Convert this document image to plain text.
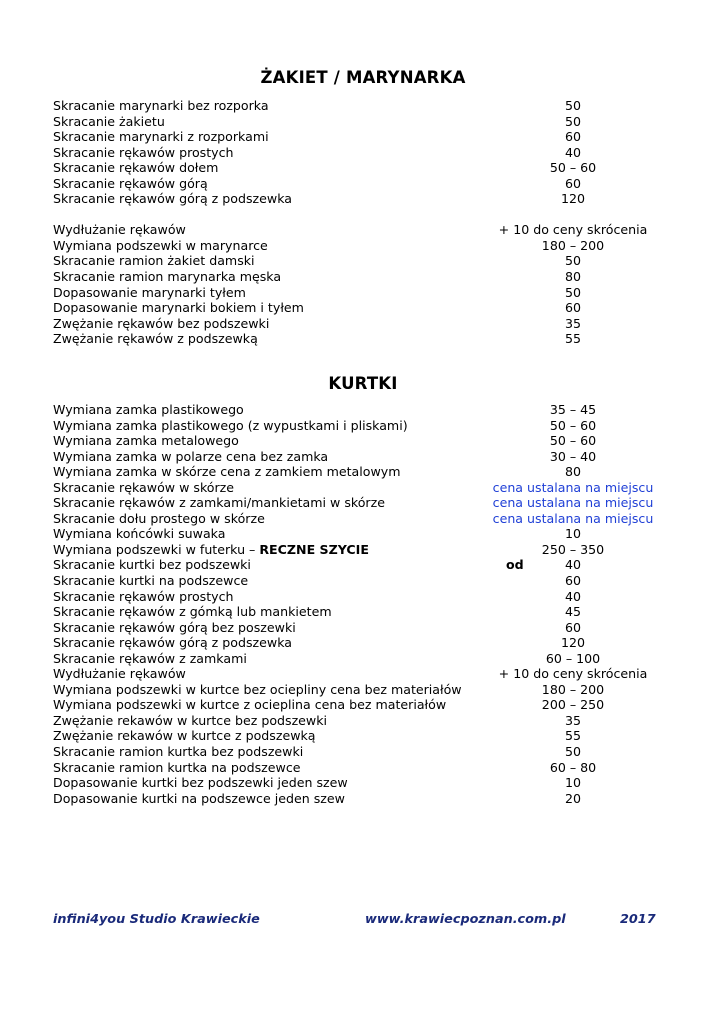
ŻAKIET / MARYNARKA
Skracanie marynarki bez rozporka	50
Skracanie żakietu	50
Skracanie marynarki z rozporkami	60
Skracanie rękawów prostych	40
Skracanie rękawów dołem	50 – 60
Skracanie rękawów górą	60
Skracanie rękawów górą z podszewka	120
Wydłużanie rękawów	+ 10 do ceny skrócenia
Wymiana podszewki w marynarce	180 – 200
Skracanie ramion żakiet damski	50
Skracanie ramion marynarka męska	80
Dopasowanie marynarki tyłem	50
Dopasowanie marynarki bokiem i tyłem	60
Zwężanie rękawów bez podszewki	35
Zwężanie rękawów z podszewką	55
KURTKI
Wymiana zamka plastikowego	35 – 45
Wymiana zamka plastikowego (z wypustkami i pliskami)	50 – 60
Wymiana zamka metalowego	50 – 60
Wymiana zamka w polarze cena bez zamka	30 – 40
Wymiana zamka w skórze cena z zamkiem metalowym	80
Skracanie rękawów w skórze	cena ustalana na miejscu
Skracanie rękawów z zamkami/mankietami w skórze	cena ustalana na miejscu
Skracanie dołu prostego w skórze	cena ustalana na miejscu
Wymiana końcówki suwaka	10
Wymiana podszewki w futerku – RECZNE SZYCIE	250 – 350
Skracanie kurtki bez podszewki	od	40
Skracanie kurtki na podszewce	60
Skracanie rękawów prostych	40
Skracanie rękawów z gómką lub mankietem	45
Skracanie rękawów górą bez poszewki	60
Skracanie rękawów górą z podszewka	120
Skracanie rękawów z zamkami	60 – 100
Wydłużanie rękawów	+ 10 do ceny skrócenia
Wymiana podszewki w kurtce bez ociepliny cena bez materiałów	180 – 200
Wymiana podszewki w kurtce z ocieplina cena bez materiałów	200 – 250
Zwężanie rekawów w kurtce bez podszewki	35
Zwężanie rekawów w kurtce z podszewką	55
Skracanie ramion kurtka bez podszewki	50
Skracanie ramion kurtka na podszewce	60 – 80
Dopasowanie kurtki bez podszewki jeden szew	10
Dopasowanie kurtki na podszewce jeden szew	20
infini4you Studio Krawieckie	www.krawiecpoznan.com.pl	2017
